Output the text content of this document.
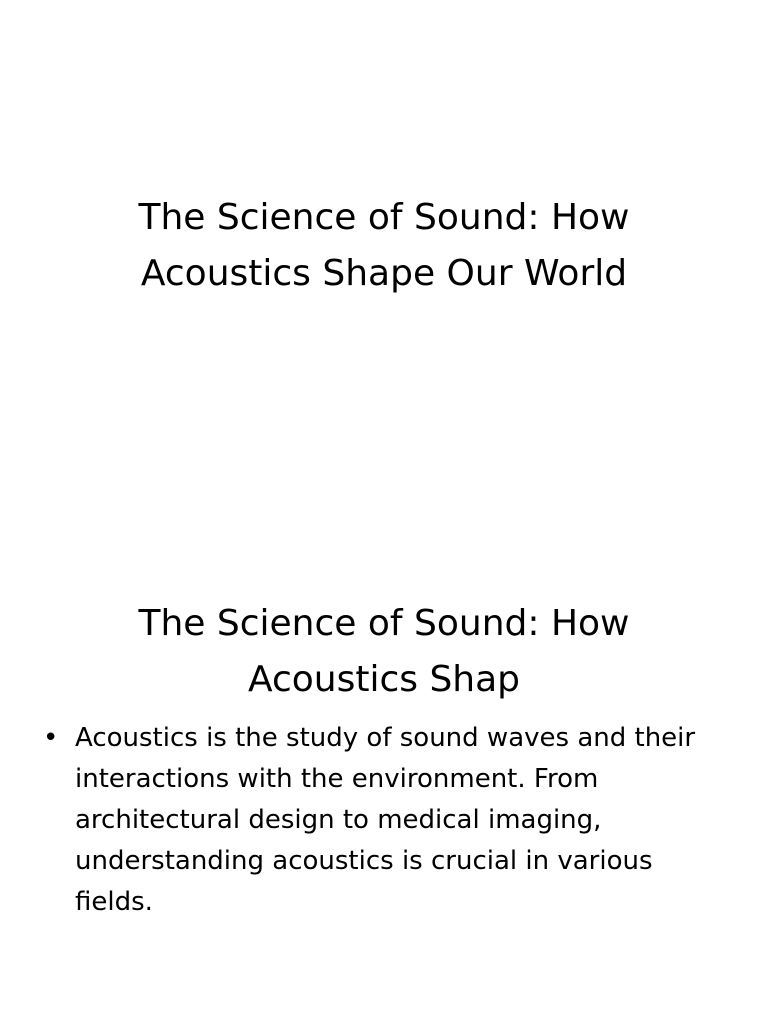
The Science of Sound: How Acoustics Shape Our World
The Science of Sound: How Acoustics Shap
• Acoustics is the study of sound waves and their interactions with the environment. From architectural design to medical imaging, understanding acoustics is crucial in various fields.
